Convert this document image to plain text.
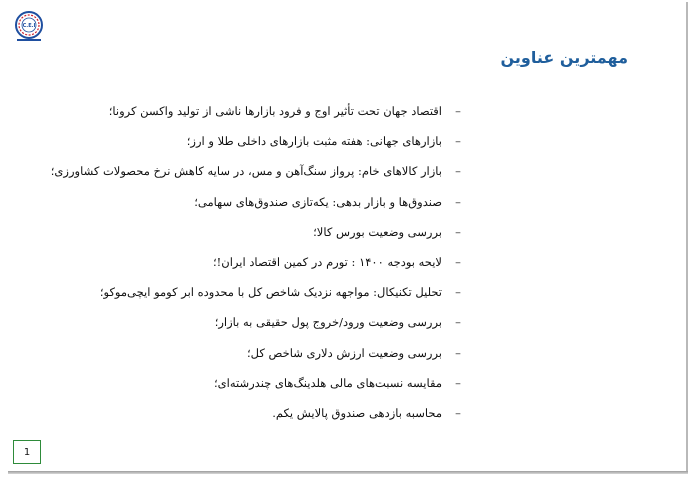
C.E.I
مهمترین عناوین
–
اقتصاد جهان تحت تأثیر اوج و فرود بازارها ناشی از تولید واکسن کرونا؛
–
بازارهای جهانی: هفته مثبت بازارهای داخلی طلا و ارز؛
–
بازار کالاهای خام: پرواز سنگ‌آهن و مس، در سایه کاهش نرخ محصولات کشاورزی؛
–
صندوق‌ها و بازار بدهی: یکه‌تازی صندوق‌های سهامی؛
–
بررسی وضعیت بورس کالا؛
–
لایحه بودجه ۱۴۰۰ : تورم در کمین اقتصاد ایران!؛
–
تحلیل تکنیکال: مواجهه نزدیک شاخص کل با محدوده ابر کومو ایچی‌موکو؛
–
بررسی وضعیت ورود/خروج پول حقیقی به بازار؛
–
بررسی وضعیت ارزش دلاری شاخص کل؛
–
مقایسه نسبت‌های مالی هلدینگ‌های چندرشته‌ای؛
–
محاسبه بازدهی صندوق پالایش یکم.
1
